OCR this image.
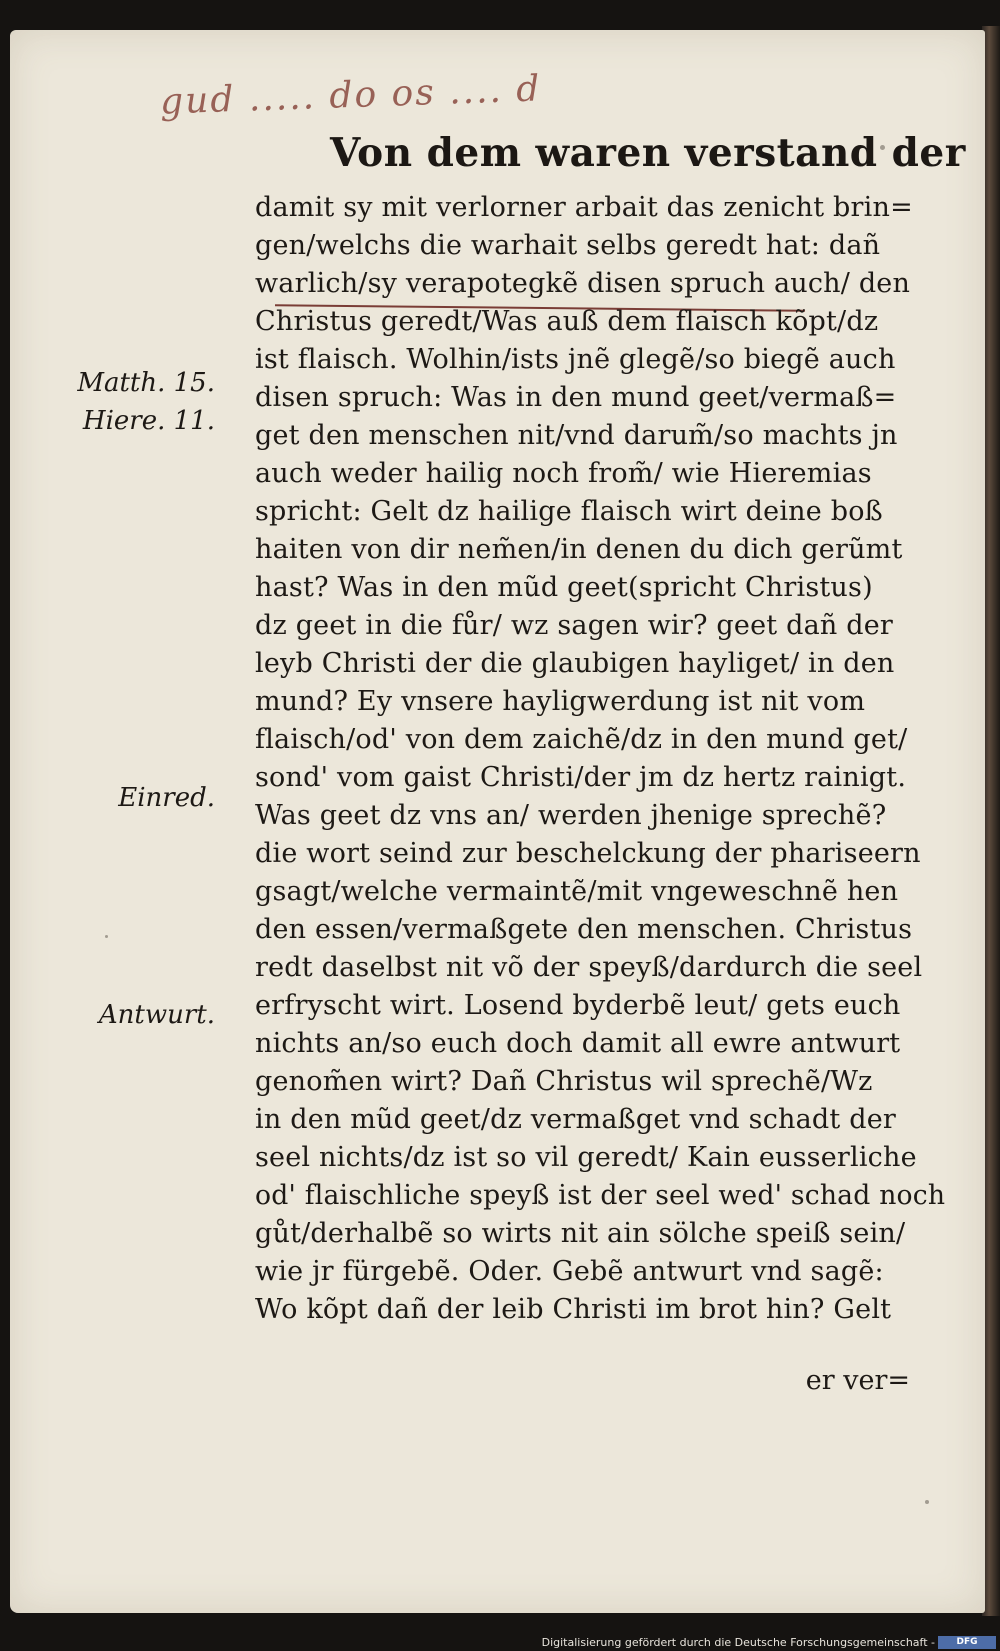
gud ..... do os .... d
Von dem waren verstand der
Matth. 15.
Hiere. 11.
Einred.
Antwurt.
damit sy mit verlorner arbait das zenicht brin=
gen/welchs die warhait selbs geredt hat: dañ
warlich/sy verapotegkẽ disen spruch auch/ den
Christus geredt/Was auß dem flaisch kõpt/dz
ist flaisch. Wolhin/ists jnẽ glegẽ/so biegẽ auch
disen spruch: Was in den mund geet/vermaß=
get den menschen nit/vnd darum̃/so machts jn
auch weder hailig noch from̃/ wie Hieremias
spricht: Gelt dz hailige flaisch wirt deine boß
haiten von dir nem̃en/in denen du dich gerũmt
hast? Was in den mũd geet(spricht Christus)
dz geet in die fůr/ wz sagen wir? geet dañ der
leyb Christi der die glaubigen hayliget/ in den
mund? Ey vnsere hayligwerdung ist nit vom
flaisch/od' von dem zaichẽ/dz in den mund get/
sond' vom gaist Christi/der jm dz hertz rainigt.
Was geet dz vns an/ werden jhenige sprechẽ?
die wort seind zur beschelckung der phariseern
gsagt/welche vermaintẽ/mit vngeweschnẽ hen
den essen/vermaßgete den menschen. Christus
redt daselbst nit võ der speyß/dardurch die seel
erfryscht wirt. Losend byderbẽ leut/ gets euch
nichts an/so euch doch damit all ewre antwurt
genom̃en wirt? Dañ Christus wil sprechẽ/Wz
in den mũd geet/dz vermaßget vnd schadt der
seel nichts/dz ist so vil geredt/ Kain eusserliche
od' flaischliche speyß ist der seel wed' schad noch
gůt/derhalbẽ so wirts nit ain sölche speiß sein/
wie jr fürgebẽ. Oder. Gebẽ antwurt vnd sagẽ:
Wo kõpt dañ der leib Christi im brot hin? Gelt
er ver=
Digitalisierung gefördert durch die Deutsche Forschungsgemeinschaft -	DFG
